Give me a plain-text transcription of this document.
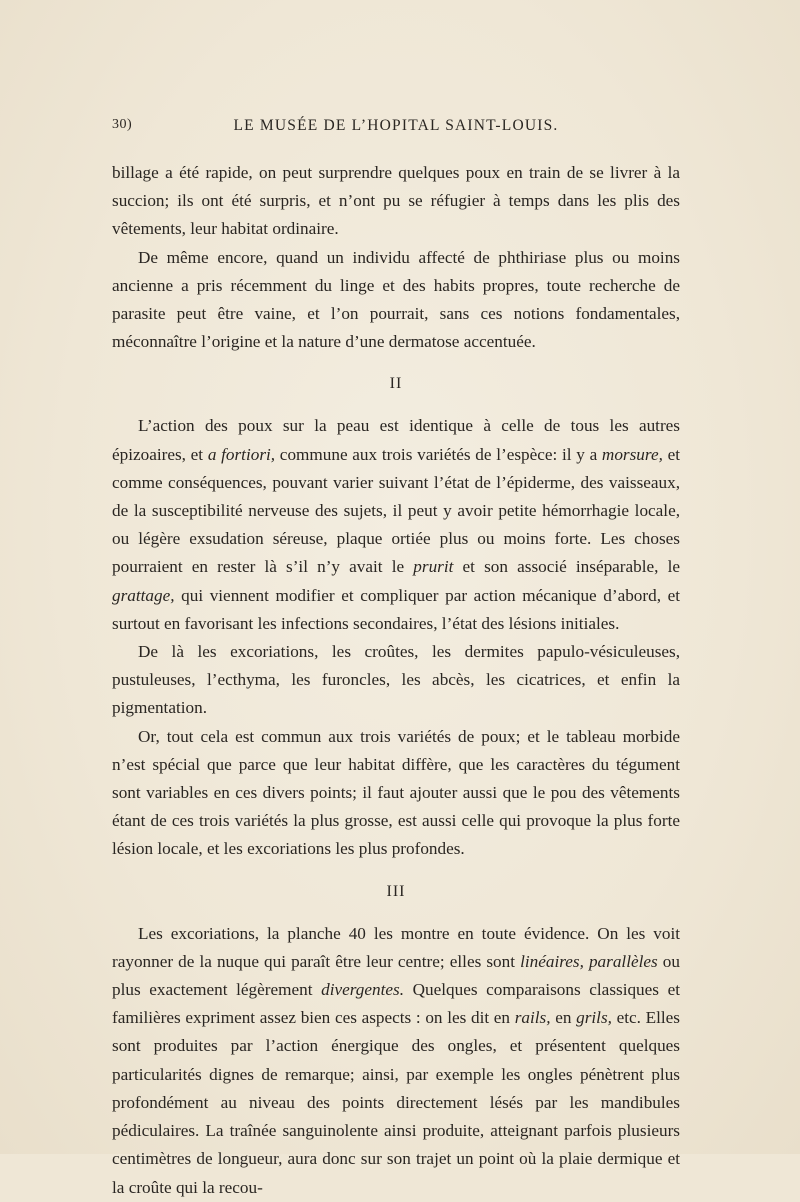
30)	LE MUSÉE DE L’HOPITAL SAINT-LOUIS.

billage a été rapide, on peut surprendre quelques poux en train de se livrer à la succion; ils ont été surpris, et n’ont pu se réfugier à temps dans les plis des vêtements, leur habitat ordinaire.

De même encore, quand un individu affecté de phthiriase plus ou moins ancienne a pris récemment du linge et des habits propres, toute recherche de parasite peut être vaine, et l’on pourrait, sans ces notions fondamentales, méconnaître l’origine et la nature d’une dermatose accentuée.

II

L’action des poux sur la peau est identique à celle de tous les autres épizoaires, et a fortiori, commune aux trois variétés de l’espèce: il y a morsure, et comme conséquences, pouvant varier suivant l’état de l’épiderme, des vaisseaux, de la susceptibilité nerveuse des sujets, il peut y avoir petite hémorrhagie locale, ou légère exsudation séreuse, plaque ortiée plus ou moins forte. Les choses pourraient en rester là s’il n’y avait le prurit et son associé inséparable, le grattage, qui viennent modifier et compliquer par action mécanique d’abord, et surtout en favorisant les infections secondaires, l’état des lésions initiales.

De là les excoriations, les croûtes, les dermites papulo-vésiculeuses, pustuleuses, l’ecthyma, les furoncles, les abcès, les cicatrices, et enfin la pigmentation.

Or, tout cela est commun aux trois variétés de poux; et le tableau morbide n’est spécial que parce que leur habitat diffère, que les caractères du tégument sont variables en ces divers points; il faut ajouter aussi que le pou des vêtements étant de ces trois variétés la plus grosse, est aussi celle qui provoque la plus forte lésion locale, et les excoriations les plus profondes.

III

Les excoriations, la planche 40 les montre en toute évidence. On les voit rayonner de la nuque qui paraît être leur centre; elles sont linéaires, parallèles ou plus exactement légèrement divergentes. Quelques comparaisons classiques et familières expriment assez bien ces aspects : on les dit en rails, en grils, etc. Elles sont produites par l’action énergique des ongles, et présentent quelques particularités dignes de remarque; ainsi, par exemple les ongles pénètrent plus profondément au niveau des points directement lésés par les mandibules pédiculaires. La traînée sanguinolente ainsi produite, atteignant parfois plusieurs centimètres de longueur, aura donc sur son trajet un point où la plaie dermique et la croûte qui la recou-
